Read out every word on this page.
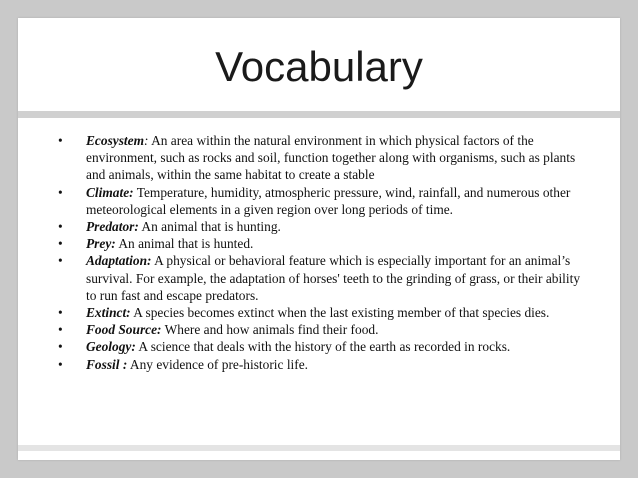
Vocabulary
•	Ecosystem: An area within the natural environment in which physical factors of the environment, such as rocks and soil, function together along with organisms, such as plants and animals, within the same habitat to create a stable
•	Climate: Temperature, humidity, atmospheric pressure, wind, rainfall, and numerous other meteorological elements in a given region over long periods of time.
•	Predator: An animal that is hunting.
•	Prey: An animal that is hunted.
•	Adaptation: A physical or behavioral feature which is especially important for an animal’s survival. For example, the adaptation of horses' teeth to the grinding of grass, or their ability to run fast and escape predators.
•	Extinct: A species becomes extinct when the last existing member of that species dies.
•	Food Source: Where and how animals find their food.
•	Geology: A science that deals with the history of the earth as recorded in rocks.
•	Fossil : Any evidence of pre-historic life.
